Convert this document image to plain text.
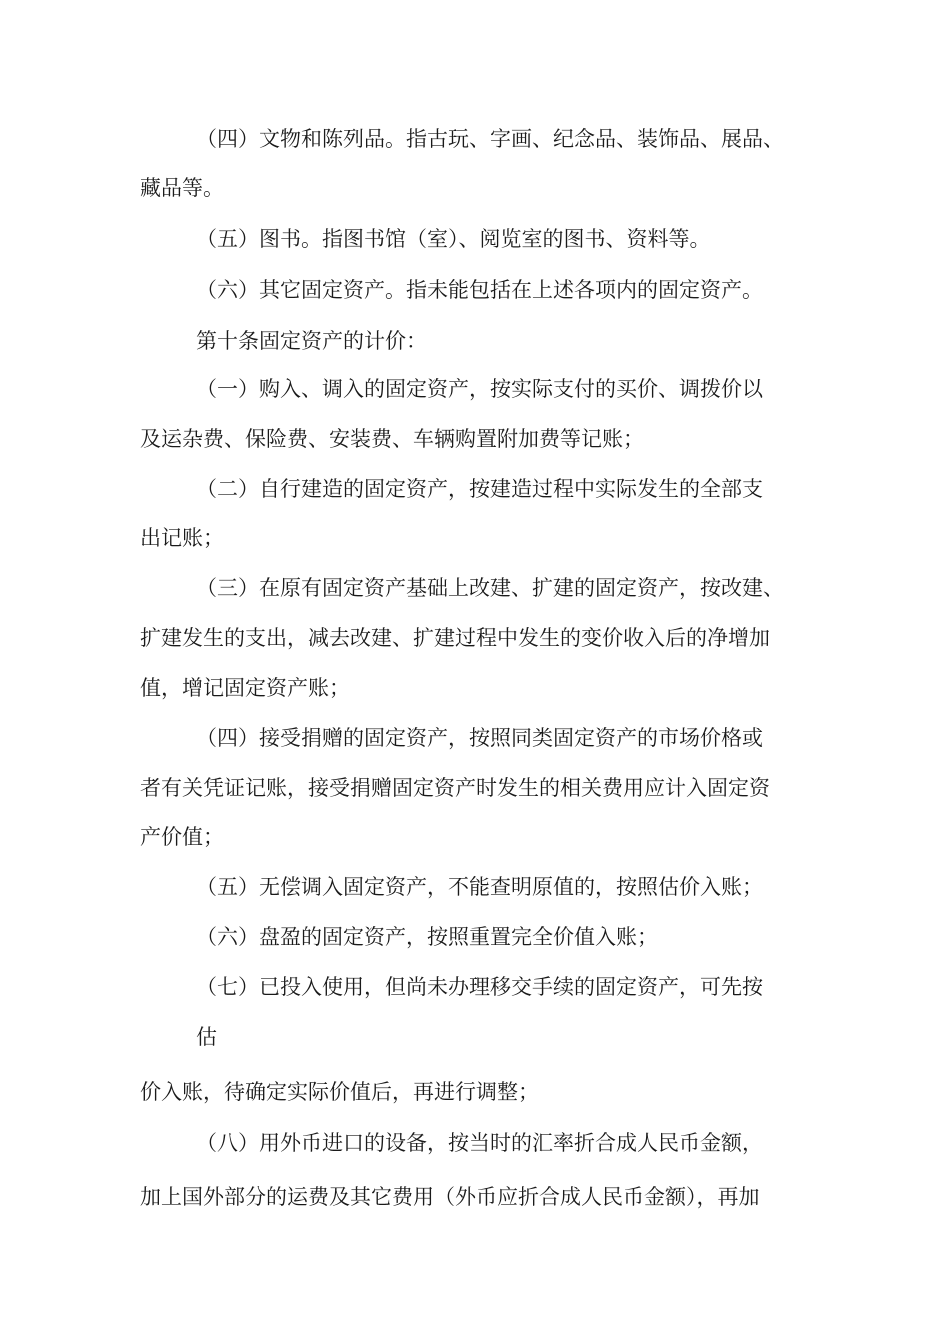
（四）文物和陈列品。指古玩、字画、纪念品、装饰品、展品、
藏品等。
（五）图书。指图书馆（室）、阅览室的图书、资料等。
（六）其它固定资产。指未能包括在上述各项内的固定资产。
第十条固定资产的计价：
（一）购入、调入的固定资产，按实际支付的买价、调拨价以
及运杂费、保险费、安装费、车辆购置附加费等记账；
（二）自行建造的固定资产，按建造过程中实际发生的全部支
出记账；
（三）在原有固定资产基础上改建、扩建的固定资产，按改建、
扩建发生的支出，减去改建、扩建过程中发生的变价收入后的净增加
值，增记固定资产账；
（四）接受捐赠的固定资产，按照同类固定资产的市场价格或
者有关凭证记账，接受捐赠固定资产时发生的相关费用应计入固定资
产价值；
（五）无偿调入固定资产，不能查明原值的，按照估价入账；
（六）盘盈的固定资产，按照重置完全价值入账；
（七）已投入使用，但尚未办理移交手续的固定资产，可先按
估
价入账，待确定实际价值后，再进行调整；
（八）用外币进口的设备，按当时的汇率折合成人民币金额，
加上国外部分的运费及其它费用（外币应折合成人民币金额），再加
